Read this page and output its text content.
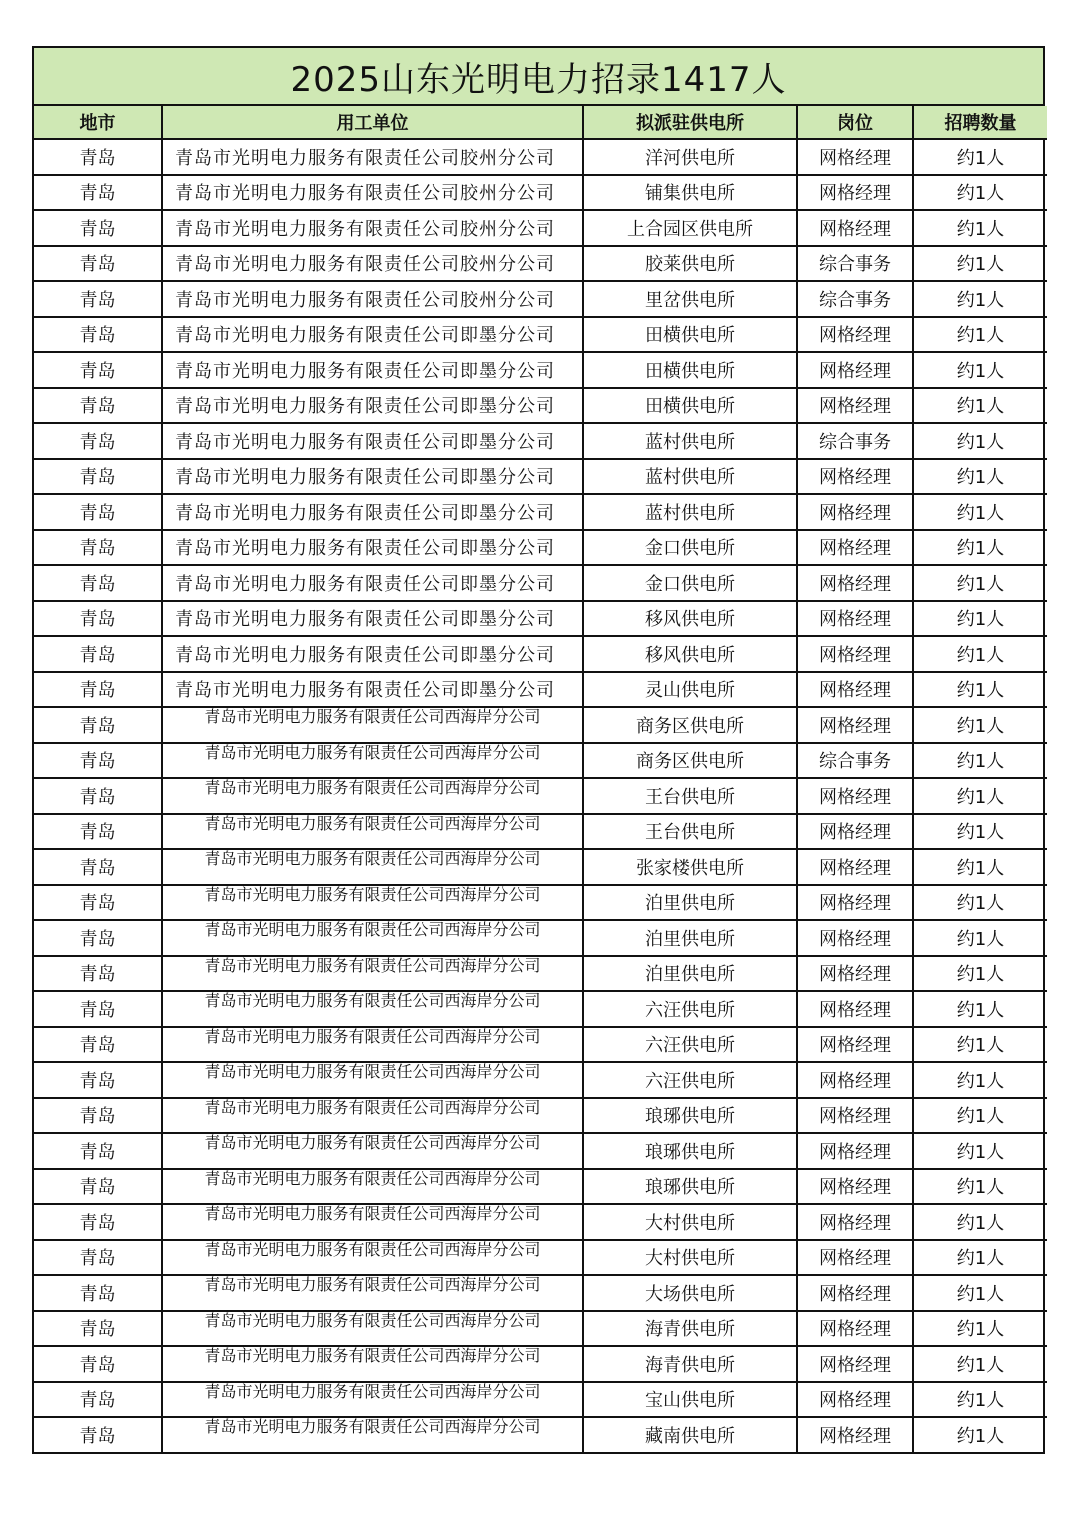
2025山东光明电力招录1417人
地市	用工单位	拟派驻供电所	岗位	招聘数量
青岛	青岛市光明电力服务有限责任公司胶州分公司	洋河供电所	网格经理	约1人
青岛	青岛市光明电力服务有限责任公司胶州分公司	铺集供电所	网格经理	约1人
青岛	青岛市光明电力服务有限责任公司胶州分公司	上合园区供电所	网格经理	约1人
青岛	青岛市光明电力服务有限责任公司胶州分公司	胶莱供电所	综合事务	约1人
青岛	青岛市光明电力服务有限责任公司胶州分公司	里岔供电所	综合事务	约1人
青岛	青岛市光明电力服务有限责任公司即墨分公司	田横供电所	网格经理	约1人
青岛	青岛市光明电力服务有限责任公司即墨分公司	田横供电所	网格经理	约1人
青岛	青岛市光明电力服务有限责任公司即墨分公司	田横供电所	网格经理	约1人
青岛	青岛市光明电力服务有限责任公司即墨分公司	蓝村供电所	综合事务	约1人
青岛	青岛市光明电力服务有限责任公司即墨分公司	蓝村供电所	网格经理	约1人
青岛	青岛市光明电力服务有限责任公司即墨分公司	蓝村供电所	网格经理	约1人
青岛	青岛市光明电力服务有限责任公司即墨分公司	金口供电所	网格经理	约1人
青岛	青岛市光明电力服务有限责任公司即墨分公司	金口供电所	网格经理	约1人
青岛	青岛市光明电力服务有限责任公司即墨分公司	移风供电所	网格经理	约1人
青岛	青岛市光明电力服务有限责任公司即墨分公司	移风供电所	网格经理	约1人
青岛	青岛市光明电力服务有限责任公司即墨分公司	灵山供电所	网格经理	约1人
青岛	青岛市光明电力服务有限责任公司西海岸分公司	商务区供电所	网格经理	约1人
青岛	青岛市光明电力服务有限责任公司西海岸分公司	商务区供电所	综合事务	约1人
青岛	青岛市光明电力服务有限责任公司西海岸分公司	王台供电所	网格经理	约1人
青岛	青岛市光明电力服务有限责任公司西海岸分公司	王台供电所	网格经理	约1人
青岛	青岛市光明电力服务有限责任公司西海岸分公司	张家楼供电所	网格经理	约1人
青岛	青岛市光明电力服务有限责任公司西海岸分公司	泊里供电所	网格经理	约1人
青岛	青岛市光明电力服务有限责任公司西海岸分公司	泊里供电所	网格经理	约1人
青岛	青岛市光明电力服务有限责任公司西海岸分公司	泊里供电所	网格经理	约1人
青岛	青岛市光明电力服务有限责任公司西海岸分公司	六汪供电所	网格经理	约1人
青岛	青岛市光明电力服务有限责任公司西海岸分公司	六汪供电所	网格经理	约1人
青岛	青岛市光明电力服务有限责任公司西海岸分公司	六汪供电所	网格经理	约1人
青岛	青岛市光明电力服务有限责任公司西海岸分公司	琅琊供电所	网格经理	约1人
青岛	青岛市光明电力服务有限责任公司西海岸分公司	琅琊供电所	网格经理	约1人
青岛	青岛市光明电力服务有限责任公司西海岸分公司	琅琊供电所	网格经理	约1人
青岛	青岛市光明电力服务有限责任公司西海岸分公司	大村供电所	网格经理	约1人
青岛	青岛市光明电力服务有限责任公司西海岸分公司	大村供电所	网格经理	约1人
青岛	青岛市光明电力服务有限责任公司西海岸分公司	大场供电所	网格经理	约1人
青岛	青岛市光明电力服务有限责任公司西海岸分公司	海青供电所	网格经理	约1人
青岛	青岛市光明电力服务有限责任公司西海岸分公司	海青供电所	网格经理	约1人
青岛	青岛市光明电力服务有限责任公司西海岸分公司	宝山供电所	网格经理	约1人
青岛	青岛市光明电力服务有限责任公司西海岸分公司	藏南供电所	网格经理	约1人
